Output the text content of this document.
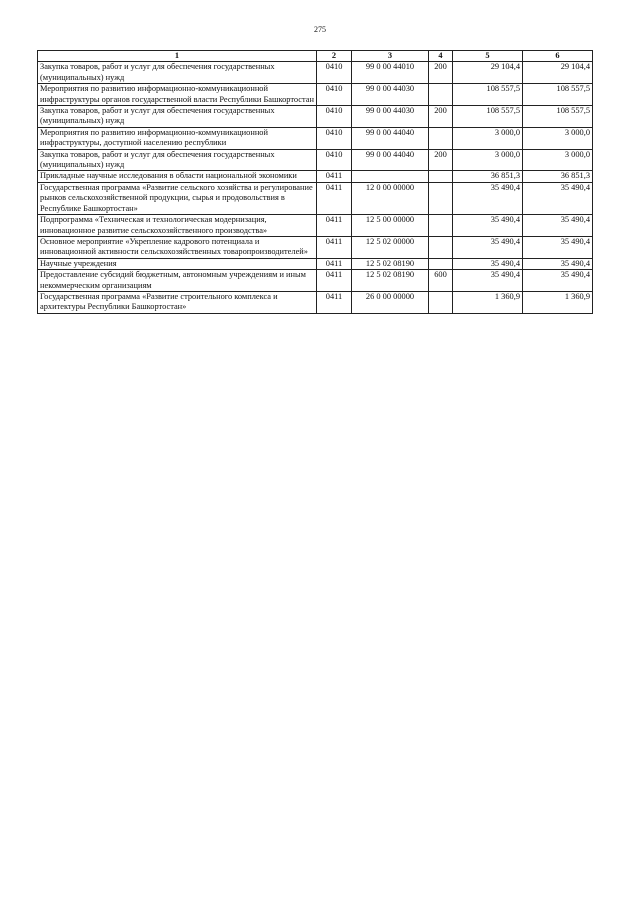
275
1	2	3	4	5	6
Закупка товаров, работ и услуг для обеспечения государственных (муниципальных) нужд	0410	99 0 00 44010	200	29 104,4	29 104,4
Мероприятия по развитию информационно-коммуникационной инфраструктуры органов государственной власти Республики Башкортостан	0410	99 0 00 44030		108 557,5	108 557,5
Закупка товаров, работ и услуг для обеспечения государственных (муниципальных) нужд	0410	99 0 00 44030	200	108 557,5	108 557,5
Мероприятия по развитию информационно-коммуникационной инфраструктуры, доступной населению республики	0410	99 0 00 44040		3 000,0	3 000,0
Закупка товаров, работ и услуг для обеспечения государственных (муниципальных) нужд	0410	99 0 00 44040	200	3 000,0	3 000,0
Прикладные научные исследования в области национальной экономики	0411			36 851,3	36 851,3
Государственная программа «Развитие сельского хозяйства и регулирование рынков сельскохозяйственной продукции, сырья и продовольствия в Республике Башкортостан»	0411	12 0 00 00000		35 490,4	35 490,4
Подпрограмма «Техническая и технологическая модернизация, инновационное развитие сельскохозяйственного производства»	0411	12 5 00 00000		35 490,4	35 490,4
Основное мероприятие «Укрепление кадрового потенциала и инновационной активности сельскохозяйственных товаропроизводителей»	0411	12 5 02 00000		35 490,4	35 490,4
Научные учреждения	0411	12 5 02 08190		35 490,4	35 490,4
Предоставление субсидий бюджетным, автономным учреждениям и иным некоммерческим организациям	0411	12 5 02 08190	600	35 490,4	35 490,4
Государственная программа «Развитие строительного комплекса и архитектуры Республики Башкортостан»	0411	26 0 00 00000		1 360,9	1 360,9
